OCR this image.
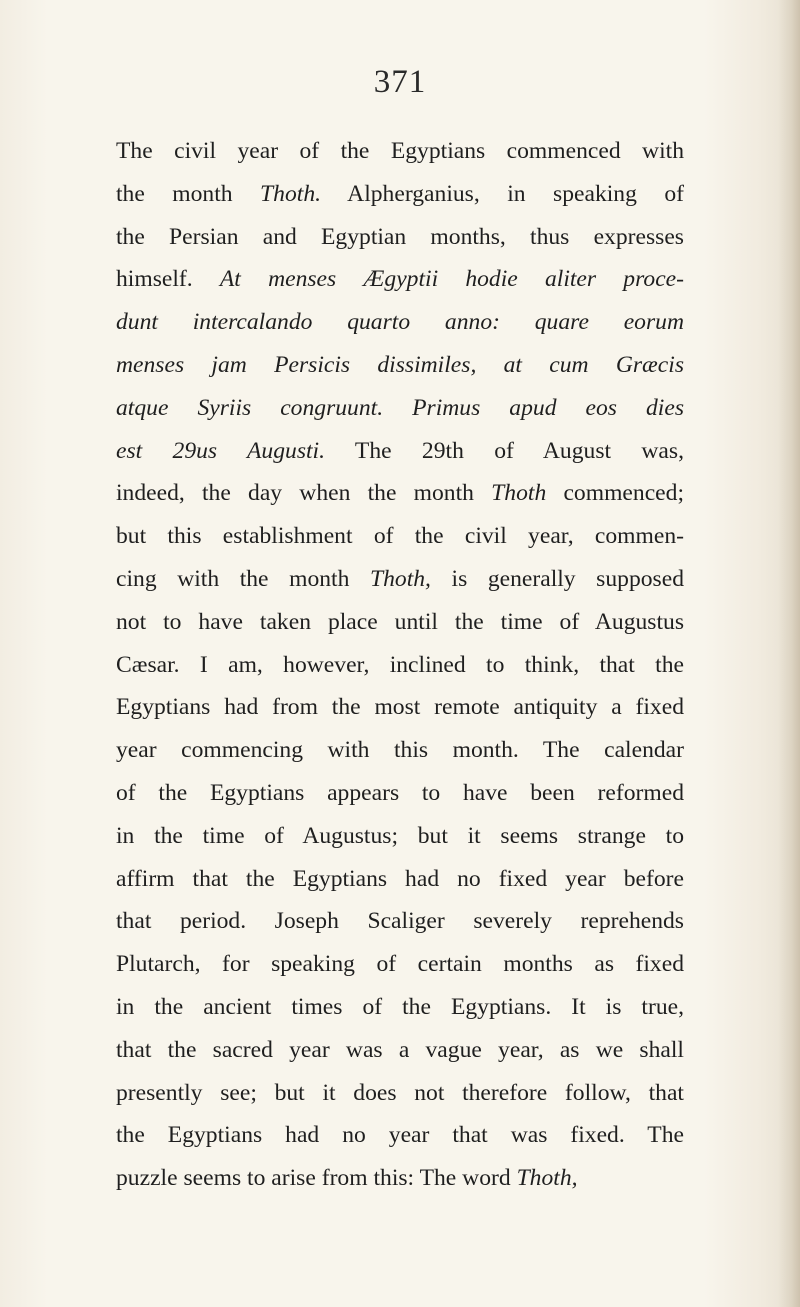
371
The civil year of the Egyptians commenced with
the month Thoth. Alpherganius, in speaking of
the Persian and Egyptian months, thus expresses
himself. At menses Ægyptii hodie aliter proce-
dunt intercalando quarto anno: quare eorum
menses jam Persicis dissimiles, at cum Græcis
atque Syriis congruunt. Primus apud eos dies
est 29us Augusti. The 29th of August was,
indeed, the day when the month Thoth commenced;
but this establishment of the civil year, commen-
cing with the month Thoth, is generally supposed
not to have taken place until the time of Augustus
Cæsar. I am, however, inclined to think, that the
Egyptians had from the most remote antiquity a fixed
year commencing with this month. The calendar
of the Egyptians appears to have been reformed
in the time of Augustus; but it seems strange to
affirm that the Egyptians had no fixed year before
that period. Joseph Scaliger severely reprehends
Plutarch, for speaking of certain months as fixed
in the ancient times of the Egyptians. It is true,
that the sacred year was a vague year, as we shall
presently see; but it does not therefore follow, that
the Egyptians had no year that was fixed. The
puzzle seems to arise from this: The word Thoth,
